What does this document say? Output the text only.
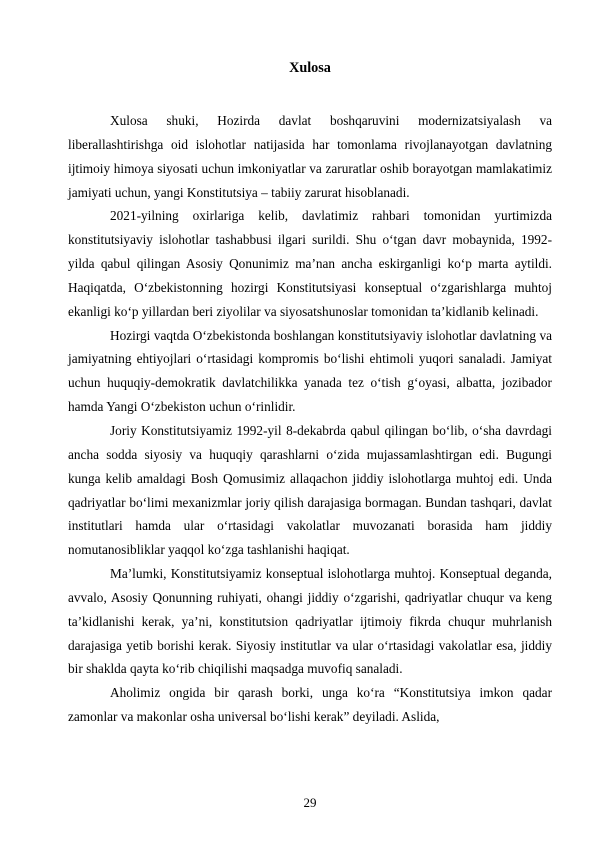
Xulosa

Xulosa shuki, Hozirda davlat boshqaruvini modernizatsiyalash va liberallashtirishga oid islohotlar natijasida har tomonlama rivojlanayotgan davlatning ijtimoiy himoya siyosati uchun imkoniyatlar va zaruratlar oshib borayotgan mamlakatimiz jamiyati uchun, yangi Konstitutsiya – tabiiy zarurat hisoblanadi.

2021-yilning oxirlariga kelib, davlatimiz rahbari tomonidan yurtimizda konstitutsiyaviy islohotlar tashabbusi ilgari surildi. Shu o‘tgan davr mobaynida, 1992-yilda qabul qilingan Asosiy Qonunimiz ma’nan ancha eskirganligi ko‘p marta aytildi. Haqiqatda, O‘zbekistonning hozirgi Konstitutsiyasi konseptual o‘zgarishlarga muhtoj ekanligi ko‘p yillardan beri ziyolilar va siyosatshunoslar tomonidan ta’kidlanib kelinadi.

Hozirgi vaqtda O‘zbekistonda boshlangan konstitutsiyaviy islohotlar davlatning va jamiyatning ehtiyojlari o‘rtasidagi kompromis bo‘lishi ehtimoli yuqori sanaladi. Jamiyat uchun huquqiy-demokratik davlatchilikka yanada tez o‘tish g‘oyasi, albatta, jozibador hamda Yangi O‘zbekiston uchun o‘rinlidir.

Joriy Konstitutsiyamiz 1992-yil 8-dekabrda qabul qilingan bo‘lib, o‘sha davrdagi ancha sodda siyosiy va huquqiy qarashlarni o‘zida mujassamlashtirgan edi. Bugungi kunga kelib amaldagi Bosh Qomusimiz allaqachon jiddiy islohotlarga muhtoj edi. Unda qadriyatlar bo‘limi mexanizmlar joriy qilish darajasiga bormagan. Bundan tashqari, davlat institutlari hamda ular o‘rtasidagi vakolatlar muvozanati borasida ham jiddiy nomutanosibliklar yaqqol ko‘zga tashlanishi haqiqat.

Ma’lumki, Konstitutsiyamiz konseptual islohotlarga muhtoj. Konseptual deganda, avvalo, Asosiy Qonunning ruhiyati, ohangi jiddiy o‘zgarishi, qadriyatlar chuqur va keng ta’kidlanishi kerak, ya’ni, konstitutsion qadriyatlar ijtimoiy fikrda chuqur muhrlanish darajasiga yetib borishi kerak. Siyosiy institutlar va ular o‘rtasidagi vakolatlar esa, jiddiy bir shaklda qayta ko‘rib chiqilishi maqsadga muvofiq sanaladi.

Aholimiz ongida bir qarash borki, unga ko‘ra “Konstitutsiya imkon qadar zamonlar va makonlar osha universal bo‘lishi kerak” deyiladi. Aslida,

29
